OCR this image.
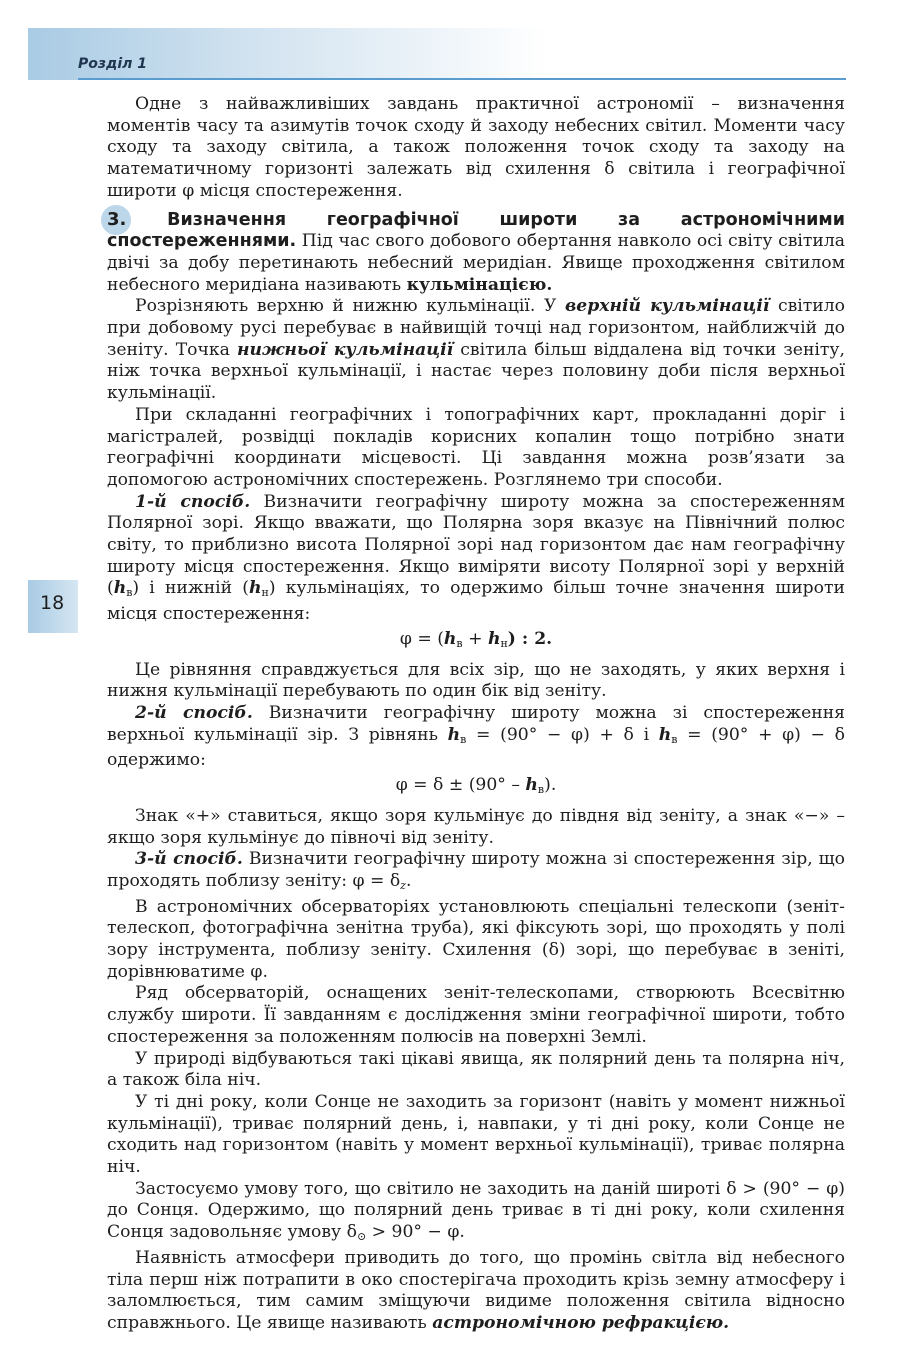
Розділ 1
18

Одне з найважливіших завдань практичної астрономії – визначення моментів часу та азимутів точок сходу й заходу небесних світил. Моменти часу сходу та заходу світила, а також положення точок сходу та заходу на математичному горизонті залежать від схилення δ світила і географічної широти φ місця спостереження.

3. Визначення географічної широти за астрономічними спостереженнями. Під час свого добового обертання навколо осі світу світила двічі за добу перетинають небесний меридіан. Явище проходження світилом небесного меридіана називають кульмінацією.

Розрізняють верхню й нижню кульмінації. У верхній кульмінації світило при добовому русі перебуває в найвищій точці над горизонтом, найближчій до зеніту. Точка нижньої кульмінації світила більш віддалена від точки зеніту, ніж точка верхньої кульмінації, і настає через половину доби після верхньої кульмінації.

При складанні географічних і топографічних карт, прокладанні доріг і магістралей, розвідці покладів корисних копалин тощо потрібно знати географічні координати місцевості. Ці завдання можна розв’язати за допомогою астрономічних спостережень. Розглянемо три способи.

1-й спосіб. Визначити географічну широту можна за спостереженням Полярної зорі. Якщо вважати, що Полярна зоря вказує на Північний полюс світу, то приблизно висота Полярної зорі над горизонтом дає нам географічну широту місця спостереження. Якщо виміряти висоту Полярної зорі у верхній $(h_в)$ і нижній $(h_н)$ кульмінаціях, то одержимо більш точне значення широти місця спостереження:

$\varphi = (h_в + h_н)$ : 2.

Це рівняння справджується для всіх зір, що не заходять, у яких верхня і нижня кульмінації перебувають по один бік від зеніту.

2-й спосіб. Визначити географічну широту можна зі спостереження верхньої кульмінації зір. З рівнянь $h_в = (90^\circ - \varphi) + \delta$ і $h_в = (90^\circ + \varphi) - \delta$ одержимо:

$\varphi = \delta \pm (90^\circ - h_в)$.

Знак «+» ставиться, якщо зоря кульмінує до півдня від зеніту, а знак «−» – якщо зоря кульмінує до півночі від зеніту.

3-й спосіб. Визначити географічну широту можна зі спостереження зір, що проходять поблизу зеніту: $\varphi = \delta_z$.

В астрономічних обсерваторіях установлюють спеціальні телескопи (зеніт-телескоп, фотографічна зенітна труба), які фіксують зорі, що проходять у полі зору інструмента, поблизу зеніту. Схилення (δ) зорі, що перебуває в зеніті, дорівнюватиме φ.

Ряд обсерваторій, оснащених зеніт-телескопами, створюють Всесвітню службу широти. Її завданням є дослідження зміни географічної широти, тобто спостереження за положенням полюсів на поверхні Землі.

У природі відбуваються такі цікаві явища, як полярний день та полярна ніч, а також біла ніч.

У ті дні року, коли Сонце не заходить за горизонт (навіть у момент нижньої кульмінації), триває полярний день, і, навпаки, у ті дні року, коли Сонце не сходить над горизонтом (навіть у момент верхньої кульмінації), триває полярна ніч.

Застосуємо умову того, що світило не заходить на даній широті δ > (90° − φ) до Сонця. Одержимо, що полярний день триває в ті дні року, коли схилення Сонця задовольняє умову $\delta_⊙ > 90^\circ - \varphi$.

Наявність атмосфери приводить до того, що промінь світла від небесного тіла перш ніж потрапити в око спостерігача проходить крізь земну атмосферу і заломлюється, тим самим зміщуючи видиме положення світила відносно справжнього. Це явище називають астрономічною рефракцією.
